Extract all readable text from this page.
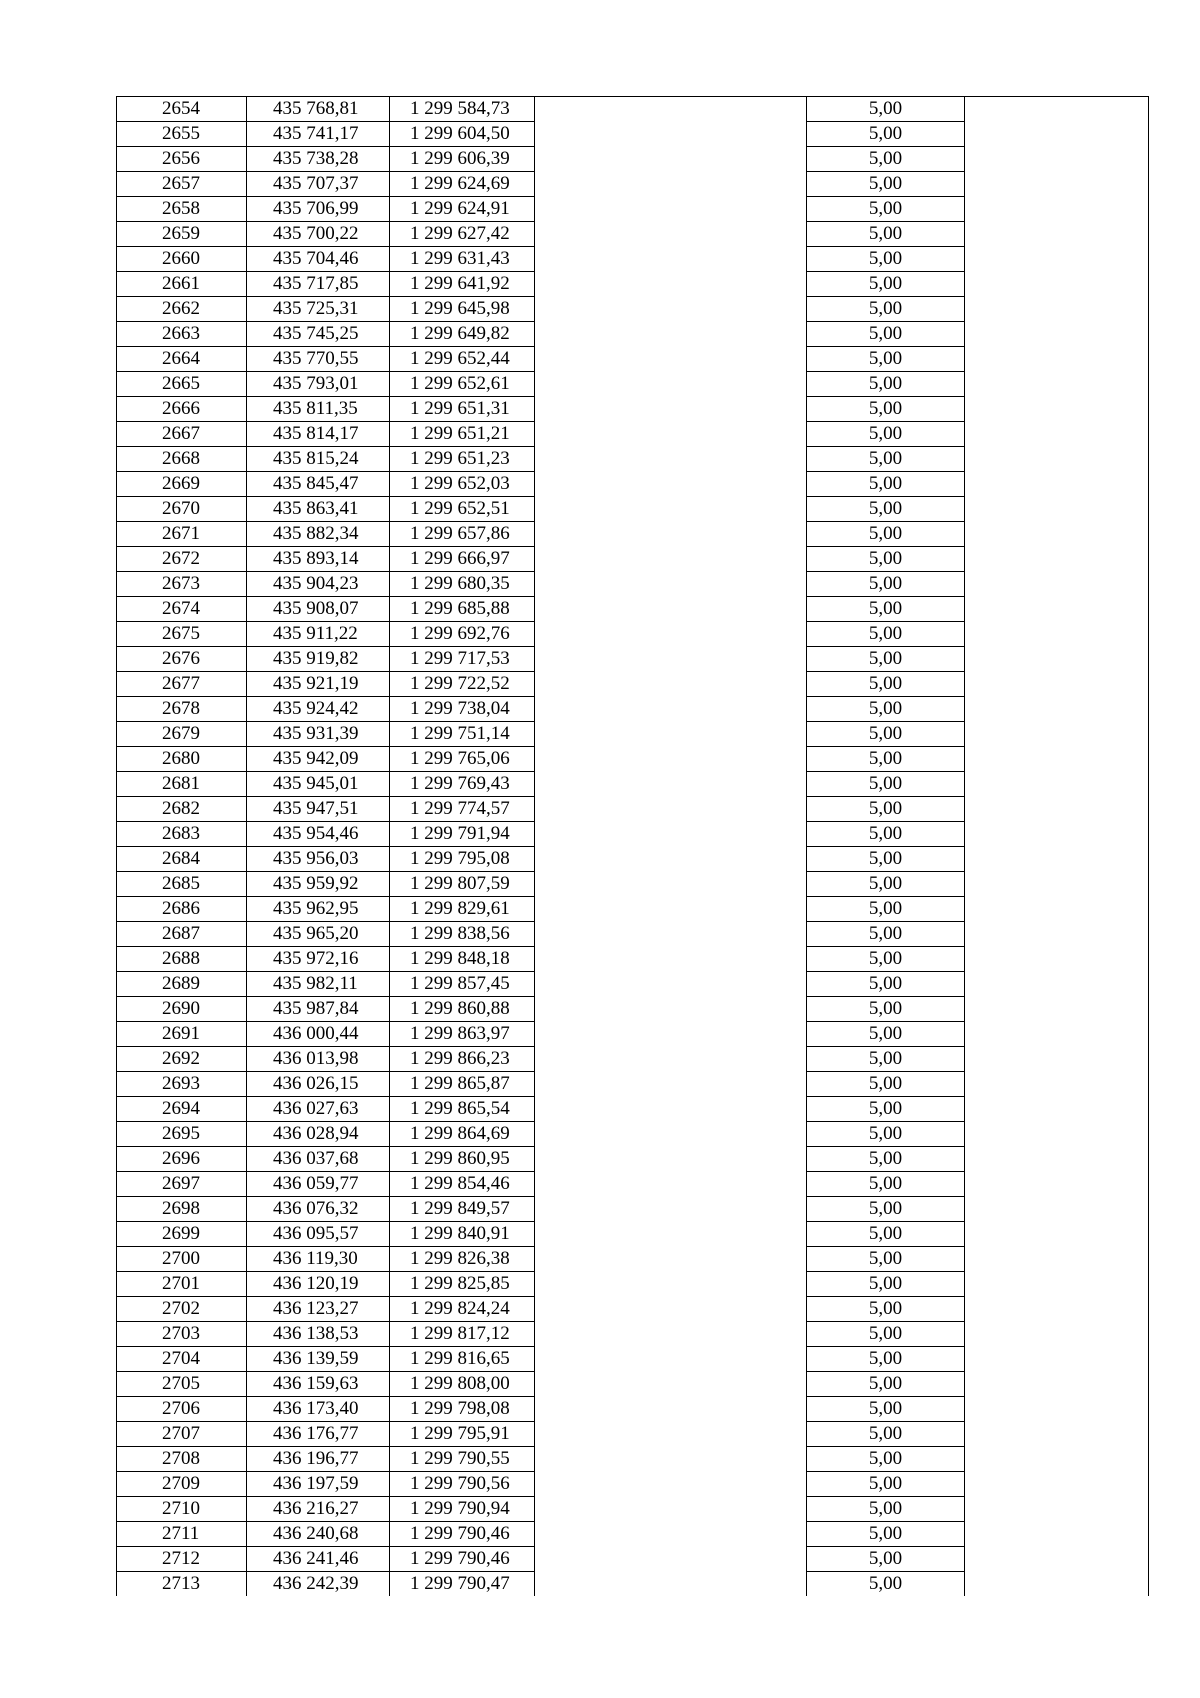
2654	435 768,81	1 299 584,73		5,00	
2655	435 741,17	1 299 604,50		5,00	
2656	435 738,28	1 299 606,39		5,00	
2657	435 707,37	1 299 624,69		5,00	
2658	435 706,99	1 299 624,91		5,00	
2659	435 700,22	1 299 627,42		5,00	
2660	435 704,46	1 299 631,43		5,00	
2661	435 717,85	1 299 641,92		5,00	
2662	435 725,31	1 299 645,98		5,00	
2663	435 745,25	1 299 649,82		5,00	
2664	435 770,55	1 299 652,44		5,00	
2665	435 793,01	1 299 652,61		5,00	
2666	435 811,35	1 299 651,31		5,00	
2667	435 814,17	1 299 651,21		5,00	
2668	435 815,24	1 299 651,23		5,00	
2669	435 845,47	1 299 652,03		5,00	
2670	435 863,41	1 299 652,51		5,00	
2671	435 882,34	1 299 657,86		5,00	
2672	435 893,14	1 299 666,97		5,00	
2673	435 904,23	1 299 680,35		5,00	
2674	435 908,07	1 299 685,88		5,00	
2675	435 911,22	1 299 692,76		5,00	
2676	435 919,82	1 299 717,53		5,00	
2677	435 921,19	1 299 722,52		5,00	
2678	435 924,42	1 299 738,04		5,00	
2679	435 931,39	1 299 751,14		5,00	
2680	435 942,09	1 299 765,06		5,00	
2681	435 945,01	1 299 769,43		5,00	
2682	435 947,51	1 299 774,57		5,00	
2683	435 954,46	1 299 791,94		5,00	
2684	435 956,03	1 299 795,08		5,00	
2685	435 959,92	1 299 807,59		5,00	
2686	435 962,95	1 299 829,61		5,00	
2687	435 965,20	1 299 838,56		5,00	
2688	435 972,16	1 299 848,18		5,00	
2689	435 982,11	1 299 857,45		5,00	
2690	435 987,84	1 299 860,88		5,00	
2691	436 000,44	1 299 863,97		5,00	
2692	436 013,98	1 299 866,23		5,00	
2693	436 026,15	1 299 865,87		5,00	
2694	436 027,63	1 299 865,54		5,00	
2695	436 028,94	1 299 864,69		5,00	
2696	436 037,68	1 299 860,95		5,00	
2697	436 059,77	1 299 854,46		5,00	
2698	436 076,32	1 299 849,57		5,00	
2699	436 095,57	1 299 840,91		5,00	
2700	436 119,30	1 299 826,38		5,00	
2701	436 120,19	1 299 825,85		5,00	
2702	436 123,27	1 299 824,24		5,00	
2703	436 138,53	1 299 817,12		5,00	
2704	436 139,59	1 299 816,65		5,00	
2705	436 159,63	1 299 808,00		5,00	
2706	436 173,40	1 299 798,08		5,00	
2707	436 176,77	1 299 795,91		5,00	
2708	436 196,77	1 299 790,55		5,00	
2709	436 197,59	1 299 790,56		5,00	
2710	436 216,27	1 299 790,94		5,00	
2711	436 240,68	1 299 790,46		5,00	
2712	436 241,46	1 299 790,46		5,00	
2713	436 242,39	1 299 790,47		5,00	
